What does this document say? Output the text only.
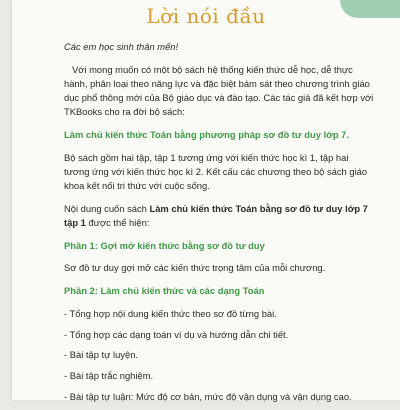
Lời nói đầu

Các em học sinh thân mến!

Với mong muốn có một bộ sách hệ thống kiến thức dễ học, dễ thực hành, phân loại theo năng lực và đặc biệt bám sát theo chương trình giáo dục phổ thông mới của Bộ giáo dục và đào tạo. Các tác giả đã kết hợp với TKBooks cho ra đời bộ sách:

Làm chủ kiến thức Toán bằng phương pháp sơ đồ tư duy lớp 7.

Bộ sách gồm hai tập, tập 1 tương ứng với kiến thức học kì 1, tập hai tương ứng với kiến thức học kì 2. Kết cấu các chương theo bộ sách giáo khoa kết nối tri thức với cuộc sống.

Nội dung cuốn sách Làm chủ kiến thức Toán bằng sơ đồ tư duy lớp 7 tập 1 được thể hiện:

Phần 1: Gợi mở kiến thức bằng sơ đồ tư duy

Sơ đồ tư duy gợi mở các kiến thức trọng tâm của mỗi chương.

Phần 2: Làm chủ kiến thức và các dạng Toán

- Tổng hợp nội dung kiến thức theo sơ đồ từng bài.

- Tổng hợp các dạng toán ví dụ và hướng dẫn chi tiết.

- Bài tập tự luyện.

- Bài tập trắc nghiệm.

- Bài tập tự luận: Mức độ cơ bản, mức độ vận dụng và vận dụng cao.
